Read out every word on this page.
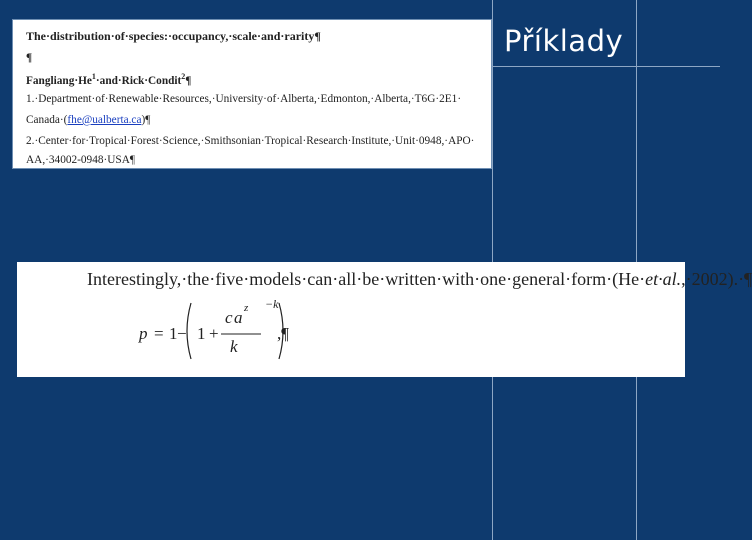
Příklady
The·distribution·of·species:·occupancy,·scale·and·rarity¶
¶
$Fangliang\cdot He^1\cdot and\cdot Rick\cdot Condit^2\P$
1.·Department·of·Renewable·Resources,·University·of·Alberta,·Edmonton,·Alberta,·T6G·2E1·
Canada·(fhe@ualberta.ca)¶
2.·Center·for·Tropical·Forest·Science,·Smithsonian·Tropical·Research·Institute,·Unit·0948,·APO·
AA,·34002-0948·USA¶
Interestingly,·the·five·models·can·all·be·written·with·one·general·form·(He·et·al.,·2002).·¶
p = 1 − 1 +
c a z
k
−k
,¶
